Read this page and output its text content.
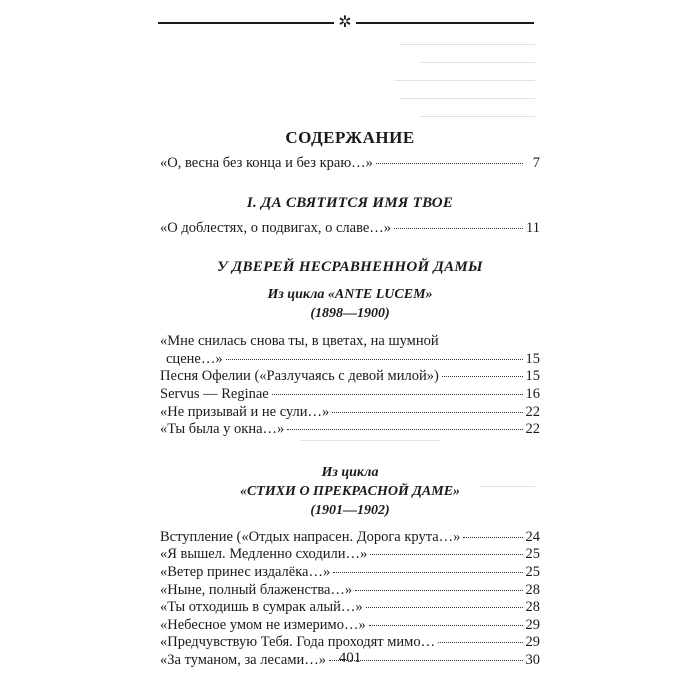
✲
СОДЕРЖАНИЕ
«О, весна без конца и без краю…»	7
I. ДА СВЯТИТСЯ ИМЯ ТВОЕ
«О доблестях, о подвигах, о славе…»	11
У ДВЕРЕЙ НЕСРАВНЕННОЙ ДАМЫ
Из цикла «ANTE LUCEM»
(1898—1900)
«Мне снилась снова ты, в цветах, на шумной
сцене…»	15
Песня Офелии («Разлучаясь с девой милой»)	15
Servus — Reginae	16
«Не призывай и не сули…»	22
«Ты была у окна…»	22
Из цикла
«СТИХИ О ПРЕКРАСНОЙ ДАМЕ»
(1901—1902)
Вступление («Отдых напрасен. Дорога крута…»	24
«Я вышел. Медленно сходили…»	25
«Ветер принес издалёка…»	25
«Ныне, полный блаженства…»	28
«Ты отходишь в сумрак алый…»	28
«Небесное умом не измеримо…»	29
«Предчувствую Тебя. Года проходят мимо…	29
«За туманом, за лесами…»	30
401
